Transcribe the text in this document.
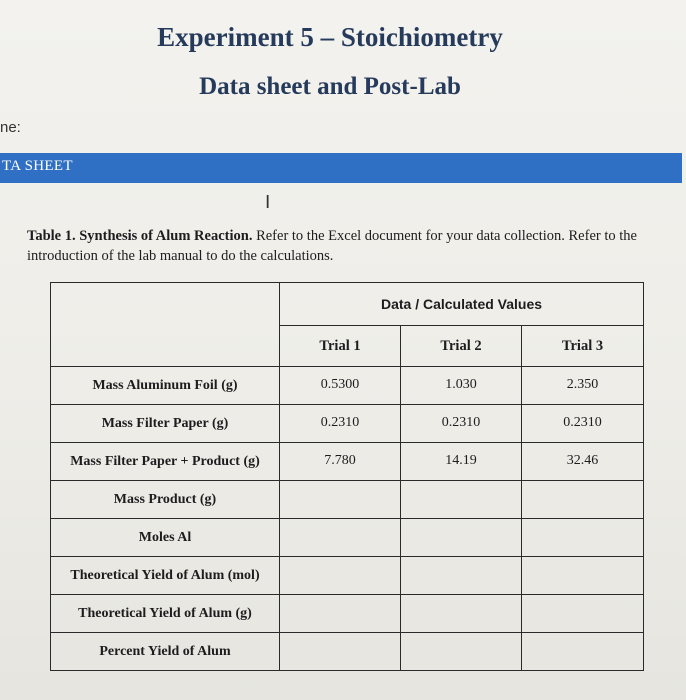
Experiment 5 – Stoichiometry
Data sheet and Post-Lab
ne:
TA SHEET
I
Table 1. Synthesis of Alum Reaction. Refer to the Excel document for your data collection. Refer to the introduction of the lab manual to do the calculations.
	Data / Calculated Values		
	Trial 1	Trial 2	Trial 3
Mass Aluminum Foil (g)	0.5300	1.030	2.350
Mass Filter Paper (g)	0.2310	0.2310	0.2310
Mass Filter Paper + Product (g)	7.780	14.19	32.46
Mass Product (g)			
Moles Al			
Theoretical Yield of Alum (mol)			
Theoretical Yield of Alum (g)			
Percent Yield of Alum			
